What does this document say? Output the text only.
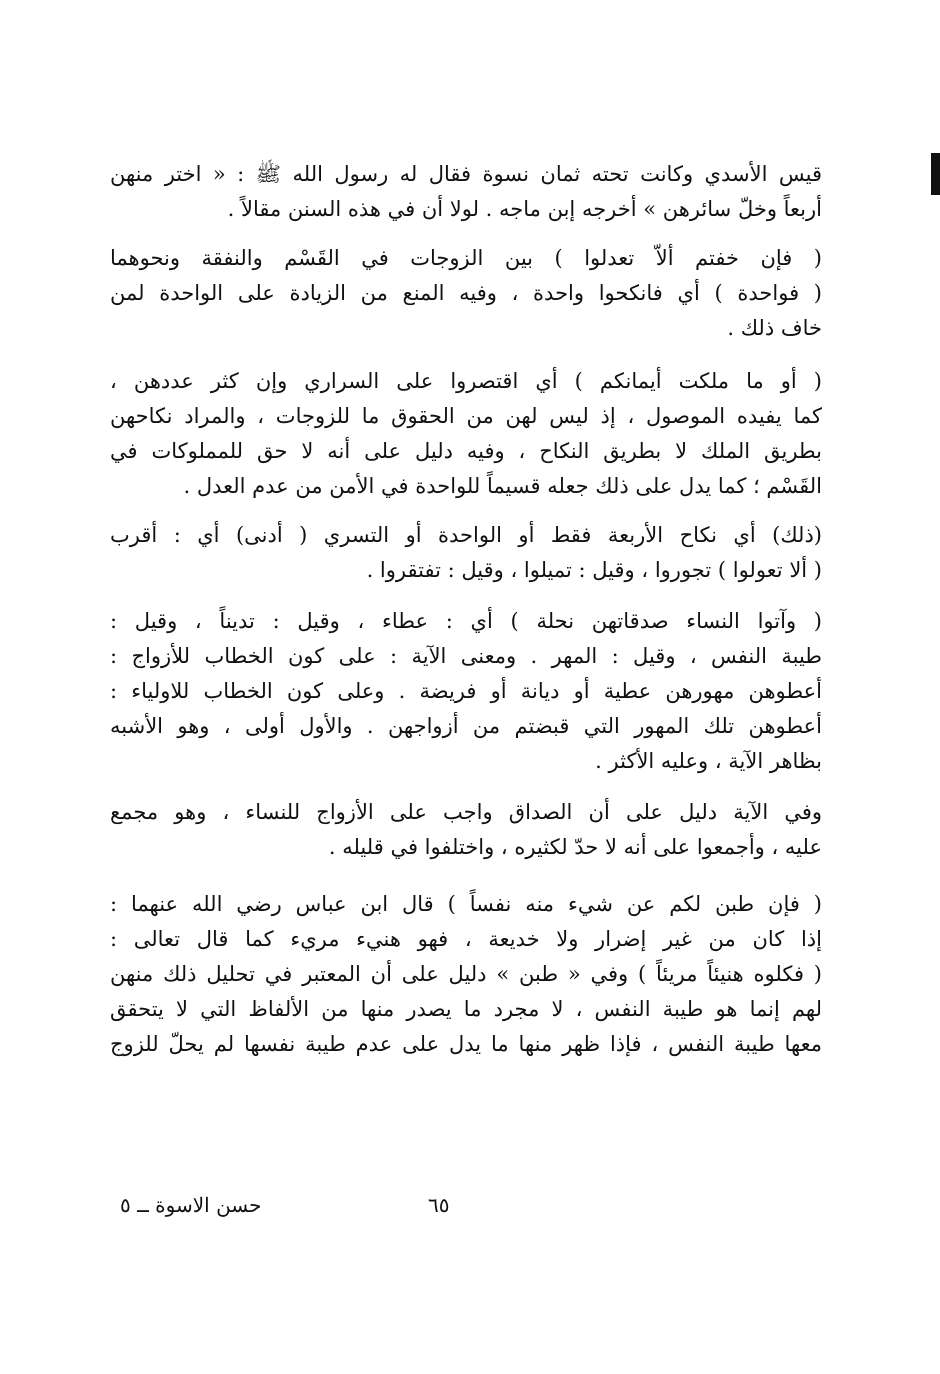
قيس الأسدي وكانت تحته ثمان نسوة فقال له رسول الله ﷺ : « اختر منهن
أربعاً وخلّ سائرهن » أخرجه إبن ماجه . لولا أن في هذه السنن مقالاً .

( فإن خفتم ألاّ تعدلوا ) بين الزوجات في القَسْم والنفقة ونحوهما
( فواحدة ) أي فانكحوا واحدة ، وفيه المنع من الزيادة على الواحدة لمن
خاف ذلك .

( أو ما ملكت أيمانكم ) أي اقتصروا على السراري وإن كثر عددهن ،
كما يفيده الموصول ، إذ ليس لهن من الحقوق ما للزوجات ، والمراد نكاحهن
بطريق الملك لا بطريق النكاح ، وفيه دليل على أنه لا حق للمملوكات في
القَسْم ؛ كما يدل على ذلك جعله قسيماً للواحدة في الأمن من عدم العدل .

(ذلك) أي نكاح الأربعة فقط أو الواحدة أو التسري ( أدنى) أي : أقرب
( ألا تعولوا ) تجوروا ، وقيل : تميلوا ، وقيل : تفتقروا .

( وآتوا النساء صدقاتهن نحلة ) أي : عطاء ، وقيل : تديناً ، وقيل :
طيبة النفس ، وقيل : المهر . ومعنى الآية : على كون الخطاب للأزواج :
أعطوهن مهورهن عطية أو ديانة أو فريضة . وعلى كون الخطاب للاولياء :
أعطوهن تلك المهور التي قبضتم من أزواجهن . والأول أولى ، وهو الأشبه
بظاهر الآية ، وعليه الأكثر .

وفي الآية دليل على أن الصداق واجب على الأزواج للنساء ، وهو مجمع
عليه ، وأجمعوا على أنه لا حدّ لكثيره ، واختلفوا في قليله .

( فإن طبن لكم عن شيء منه نفساً ) قال ابن عباس رضي الله عنهما :
إذا كان من غير إضرار ولا خديعة ، فهو هنيء مريء كما قال تعالى :
( فكلوه هنيئاً مريئاً ) وفي « طبن » دليل على أن المعتبر في تحليل ذلك منهن
لهم إنما هو طيبة النفس ، لا مجرد ما يصدر منها من الألفاظ التي لا يتحقق
معها طيبة النفس ، فإذا ظهر منها ما يدل على عدم طيبة نفسها لم يحلّ للزوج

٦٥
حسن الاسوة ــ ٥
